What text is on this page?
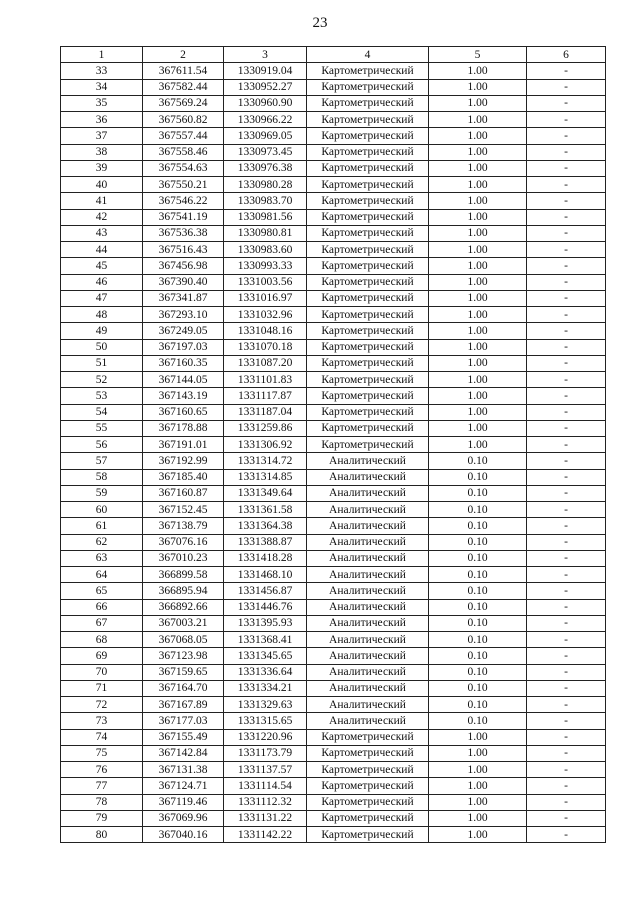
23
1	2	3	4	5	6
33	367611.54	1330919.04	Картометрический	1.00	-
34	367582.44	1330952.27	Картометрический	1.00	-
35	367569.24	1330960.90	Картометрический	1.00	-
36	367560.82	1330966.22	Картометрический	1.00	-
37	367557.44	1330969.05	Картометрический	1.00	-
38	367558.46	1330973.45	Картометрический	1.00	-
39	367554.63	1330976.38	Картометрический	1.00	-
40	367550.21	1330980.28	Картометрический	1.00	-
41	367546.22	1330983.70	Картометрический	1.00	-
42	367541.19	1330981.56	Картометрический	1.00	-
43	367536.38	1330980.81	Картометрический	1.00	-
44	367516.43	1330983.60	Картометрический	1.00	-
45	367456.98	1330993.33	Картометрический	1.00	-
46	367390.40	1331003.56	Картометрический	1.00	-
47	367341.87	1331016.97	Картометрический	1.00	-
48	367293.10	1331032.96	Картометрический	1.00	-
49	367249.05	1331048.16	Картометрический	1.00	-
50	367197.03	1331070.18	Картометрический	1.00	-
51	367160.35	1331087.20	Картометрический	1.00	-
52	367144.05	1331101.83	Картометрический	1.00	-
53	367143.19	1331117.87	Картометрический	1.00	-
54	367160.65	1331187.04	Картометрический	1.00	-
55	367178.88	1331259.86	Картометрический	1.00	-
56	367191.01	1331306.92	Картометрический	1.00	-
57	367192.99	1331314.72	Аналитический	0.10	-
58	367185.40	1331314.85	Аналитический	0.10	-
59	367160.87	1331349.64	Аналитический	0.10	-
60	367152.45	1331361.58	Аналитический	0.10	-
61	367138.79	1331364.38	Аналитический	0.10	-
62	367076.16	1331388.87	Аналитический	0.10	-
63	367010.23	1331418.28	Аналитический	0.10	-
64	366899.58	1331468.10	Аналитический	0.10	-
65	366895.94	1331456.87	Аналитический	0.10	-
66	366892.66	1331446.76	Аналитический	0.10	-
67	367003.21	1331395.93	Аналитический	0.10	-
68	367068.05	1331368.41	Аналитический	0.10	-
69	367123.98	1331345.65	Аналитический	0.10	-
70	367159.65	1331336.64	Аналитический	0.10	-
71	367164.70	1331334.21	Аналитический	0.10	-
72	367167.89	1331329.63	Аналитический	0.10	-
73	367177.03	1331315.65	Аналитический	0.10	-
74	367155.49	1331220.96	Картометрический	1.00	-
75	367142.84	1331173.79	Картометрический	1.00	-
76	367131.38	1331137.57	Картометрический	1.00	-
77	367124.71	1331114.54	Картометрический	1.00	-
78	367119.46	1331112.32	Картометрический	1.00	-
79	367069.96	1331131.22	Картометрический	1.00	-
80	367040.16	1331142.22	Картометрический	1.00	-
